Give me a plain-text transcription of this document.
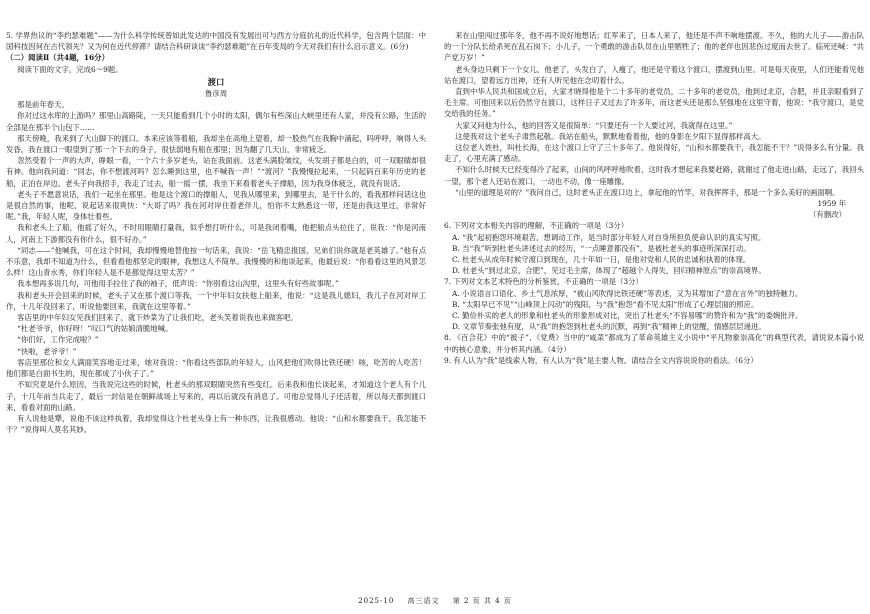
5. 学界热议的“李约瑟难题”——为什么科学传统曾如此发达的中国没有发展出可与西方分庭抗礼的近代科学，包含两个层面：中国科技因何在古代领先？又为何在近代停滞？请结合科研谈谈“李约瑟难题”在百年变局的今天对我们有什么启示意义。(6分)

（二）阅读Ⅱ（共4题，16分）

阅读下面的文字，完成6～9题。

渡口

鲁彦周

那是前年春天。

你对过这水库的上游吗？那里山高路陡，一天只能看到几个小时的太阳，偶尔有些深山大峡里还有人家，并没有公路，生活的全部是在那半个山包下……

那天傍晚，我来到了大山脚下的渡口。本来应该等着船，我却坐在高地上望着，却一股热气在我胸中涌起，吗呼呼，响得人头发昏。我在渡口一眼望到了那一个下去的身子，很怯弱地有船在那里；因为翻了几天山，非常疲乏。

忽然受着个一声的大声，睁眼一看，一个六十多岁老头，站在我面前。这老头满脸皱纹，头发胡子都是白的，可一双眼睛却很有神。他向我问道：“同志，你不想渡河吗？怎么睡到这里，也不喊我一声！”“渡河？”我慢慢拉起来，一只起码百来年历史的老船，正泊在岸边。老头子向我招手，我走了过去，船一摇一摆，我坐下来看着老头子撑船，因为我身体疲乏，就没有说话。

老头子不愿意说话，我们一起坐在那里。他是这个渡口的撑船人，见我从哪里来，到哪里去，是干什么的，看我那样问话这也是很自然的事，他呢，说起话来很爽快：“大哥了吗？我在河对岸住着老伴儿，怕你不太熟悉这一带，还是由我这里过，非常好呢。”我，年轻人呢，身体壮着些。

我和老头上了船，他摇了好久，不时用眼睛打量我，似乎想打听什么，可是我闭着嘴，他把船点头拉住了，说我：“你是河南人，河南上下游都没有你什么，很不好办。”

“同志——”他喊我，可在这个时间，我却慢慢地替他按一句话来，我说：“岳飞精忠报国，兄弟们说你就是老英雄了。”他有点不乐意，我却不知道为什么，但看看他那坚定的眼神，我想这人不简单。我慢慢的和他谈起来，他最后说：“你看看这里的风景怎么样！这山青水秀，你们年轻人是不是都觉得这里太苦？”

我本想再多说几句，可他用手拉住了我的袖子，低声说：“你别看这山沟里，这里头有好些故事呢。”

我和老头开会回来的时候，老头子又在那个渡口等我，一个中年妇女扶他上船来，他说：“这是我儿媳妇，我儿子在河对岸工作，十几年没回来了，听说他要回来，我就在这里等着。”

客店里的中年妇女见我们回来了，就下炒菜为了让我们吃，老头笑着说我也来做客吧。

“杜老爷爷，你好呀！”叹口气的姑娘清脆地喊。

“你们好，工作完成啦？”

“快啦，老爷爷！”

客店里那位和女人满面笑容地走过来，她对我说：“你看这些部队的年轻人，山风把他们吹得比铁还硬！咳，吃苦的人吃苦！他们都是白面书生的，现在都成了小伙子了。”

不知究竟是什么原因，当我说完这些的时候，杜老头的那双眼睛突然有些变红。后来我和他长谈起来，才知道这个老人有个儿子，十几年前当兵走了，最后一封信是在朝鲜战场上写来的，再以后就没有消息了。可他总觉得儿子还活着，所以每天都到渡口来，看看对面的山路。

有人说他是犟，说他不该这样执着，我却觉得这个杜老头身上有一种东西，让我很感动。他说：“山和水都要我干，我怎能不干？”说得叫人莫名其妙。

来在山里闯过那年冬，他不再不说好地想话；红军来了，日本人来了，他还是不声不响地摆渡。不久，他的大儿子——游击队的一个分队长给杀死在乱石岗下；小儿子，一个勇敢的游击队员在山里牺牲了；他的老伴也因悲伤过度而去世了。临死还喊：“共产党万岁！”

老头身边只剩下一个女儿，他老了，头发白了，人瘦了，他还是守着这个渡口，摆渡到山里。可是每天夜里，人们还能看见他站在渡口，望着远方出神，还有人听见他在念叨着什么。

直到中华人民共和国成立后，大家才晓得他是个二十多年的老党员，二十多年的老党员，他到过北京，合肥，并且亲眼看到了毛主席。可他回来以后仍然守在渡口，这样日子又过去了许多年，而这老头还是那么坚强地在这里守着，他说：“我守渡口，是党交给我的任务。”

大家又问他为什么，他的回答又是很简单：“只要还有一个人要过河，我就得在这里。”

这使我对这个老头子肃然起敬。我站在船头，默默地看着他，他的身影在夕阳下显得那样高大。

这位老人姓杜，叫杜长海，在这个渡口上守了三十多年了。他说得好，“山和水都要我干，我怎能不干？”说得多么有分量。我走了，心里充满了感动。

不知什么时候天已经变得冷了起来，山间的风呼呼地吹着，这时我才想起来我要赶路，就谢过了他走进山路，走远了，我回头一望，那个老人还站在渡口，一动也不动，像一座雕像。

“山里的道理是对的？”我问自己，这时老头正在渡口边上，拿起他的竹竿，对我挥挥手，那是一个多么美好的画面啊。

1959 年

（有删改）

6. 下列对文本相关内容的理解，不正确的一项是（3分）

A. “我”起初抱怨环境艰苦，想调动工作，是当时部分年轻人对自身所担负使命认识的真实写照。

B. 当“我”听到杜老头讲述过去的经历，“一点睡意都没有”，是被杜老头的事迹所深深打动。

C. 杜老头从成年时候守渡口到现在，几十年如一日，是他对党和人民的忠诚和执着的体现。

D. 杜老头“到过北京，合肥”，见过毛主席，体现了“超越个人得失，回归精神原点”的崇高境界。

7. 下列对文本艺术特色的分析鉴赏，不正确的一项是（3分）

A. 小说语言口语化、乡土气息浓厚，“被山风吹得比铁还硬”等表述，又为其增加了“意在言外”的独特魅力。

B. “太阳早已不见”“山峰顶上闪动”的残阳，与“我”抱怨“看不见太阳”形成了心理层面的照应。

C. 勤俭朴实的老人的形象和杜老头的形象形成对比，突出了杜老头“不容易哪”的赞许和为“我”的委婉批评。

D. 文章节奏张弛有度，从“我”的抱怨到杜老头的沉默，再到“我”精神上的觉醒，情感层层递进。

8. 《百合花》中的“被子”、《党费》当中的“咸菜”都成为了革命英雄主义小说中“平凡物象崇高化”的典型代表，请说说本篇小说中的核心意象，并分析其内涵。（4分）

9. 有人认为“我”是线索人物，有人认为“我”是主要人物。请结合全文内容说说你的看法。（6分）

2025-10 高三语文 第 2 页 共 4 页
